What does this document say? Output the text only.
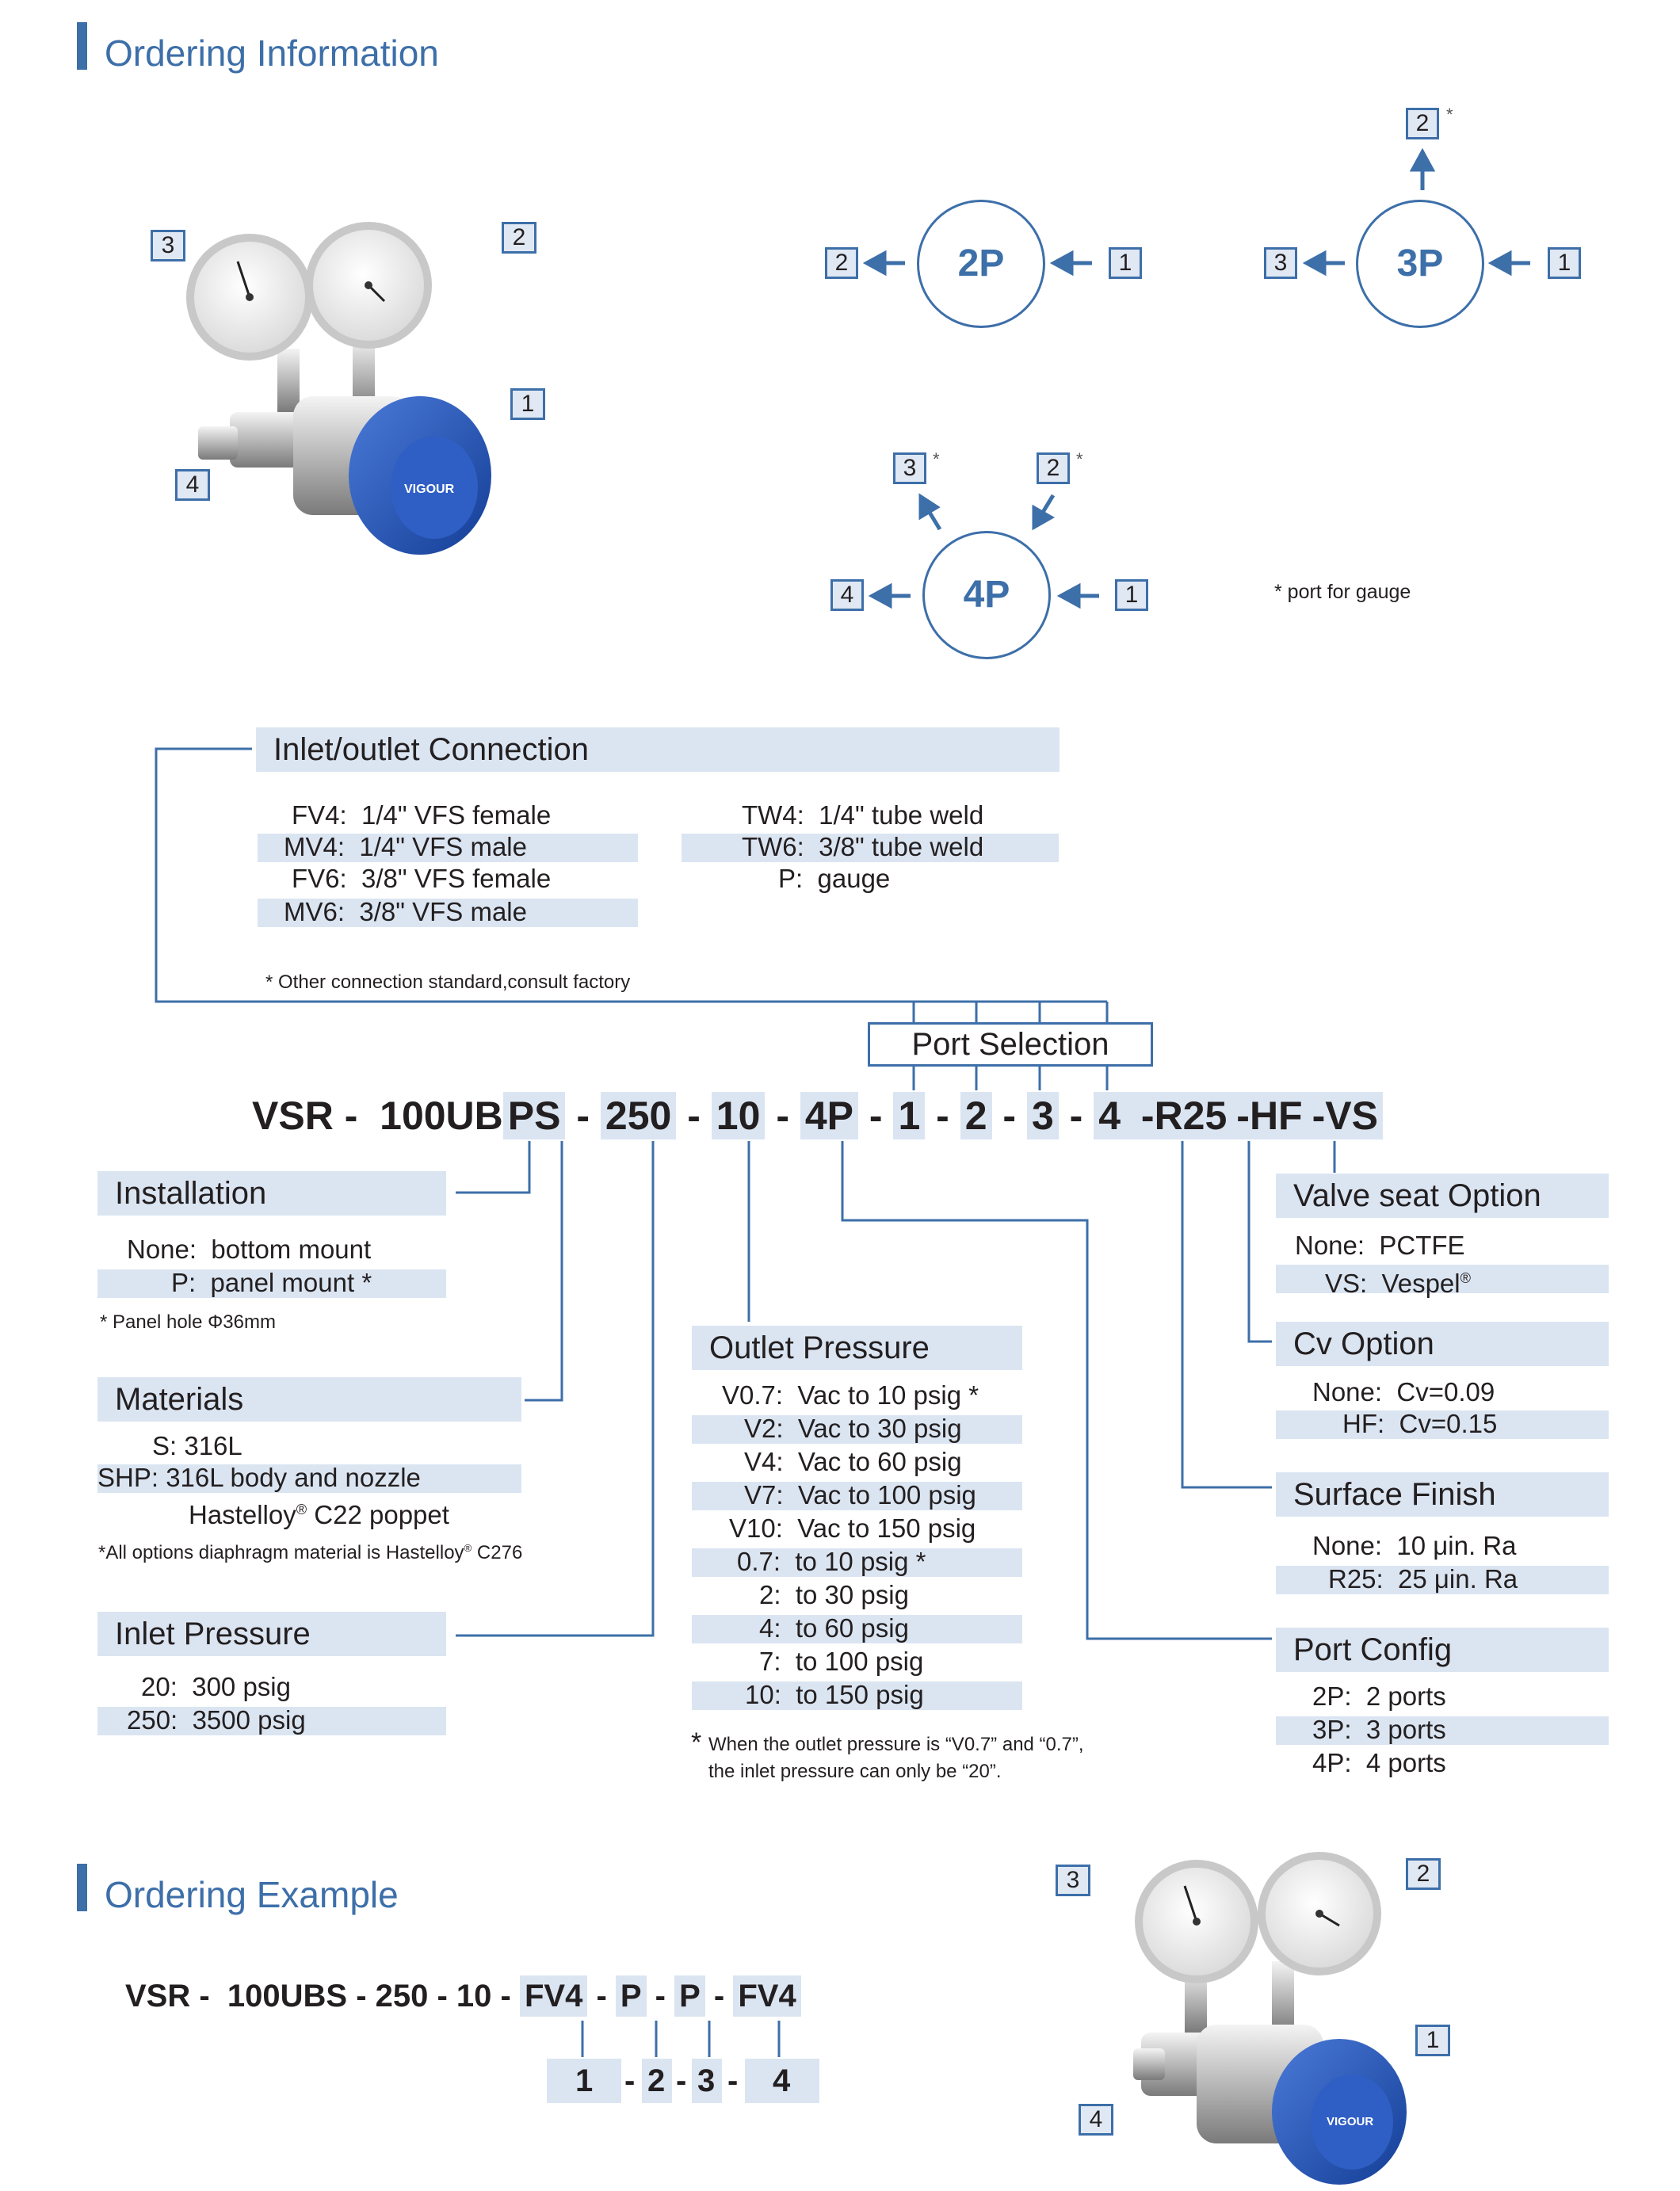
Ordering Information
VIGOUR
3	2
1
4
2P
2	1	3P
3	1
2 *
4P
4	1
3 *	2 *
* port for gauge
Inlet/outlet Connection
FV4:  1/4" VFS female
MV4:  1/4" VFS male
FV6:  3/8" VFS female
MV6:  3/8" VFS male
TW4:  1/4" tube weld
TW6:  3/8" tube weld
P:  gauge
* Other connection standard,consult factory
Port Selection
VSR -  100UB PS - 250 - 10 - 4P - 1 - 2 - 3 - 4 -R25 -HF -VS
Installation
None:  bottom mount
P:  panel mount *
* Panel hole Φ36mm
Materials
S: 316L
SHP: 316L body and nozzle
Hastelloy® C22 poppet
*All options diaphragm material is Hastelloy® C276
Inlet Pressure
20:  300 psig
250:  3500 psig
Outlet Pressure
V0.7:  Vac to 10 psig *
V2:  Vac to 30 psig
V4:  Vac to 60 psig
V7:  Vac to 100 psig
V10:  Vac to 150 psig
0.7:  to 10 psig *
2:  to 30 psig
4:  to 60 psig
7:  to 100 psig
10:  to 150 psig
* When the outlet pressure is “V0.7” and “0.7”,
the inlet pressure can only be “20”.
Valve seat Option
None:  PCTFE
VS:  Vespel®
Cv Option
None:  Cv=0.09
HF:  Cv=0.15
Surface Finish
None:  10 μin. Ra
R25:  25 μin. Ra
Port Config
2P:  2 ports
3P:  3 ports
4P:  4 ports
Ordering Example
VSR -  100UBS - 250 - 10 - FV4 - P - P - FV4
1 - 2 - 3 - 4
VIGOUR
3	2
1
4
